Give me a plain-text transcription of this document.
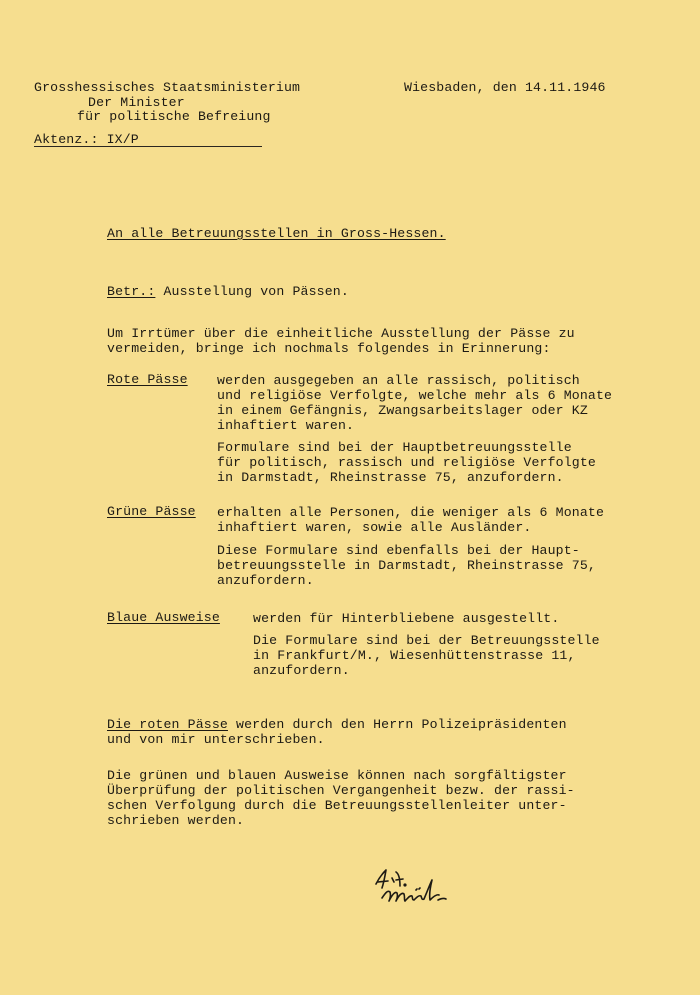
Grosshessisches Staatsministerium
Der Minister
für politische Befreiung
Wiesbaden, den 14.11.1946
Aktenz.: IX/P
An alle Betreuungsstellen in Gross-Hessen.
Betr.: Ausstellung von Pässen.
Um Irrtümer über die einheitliche Ausstellung der Pässe zu
vermeiden, bringe ich nochmals folgendes in Erinnerung:
Rote Pässe werden ausgegeben an alle rassisch, politisch
und religiöse Verfolgte, welche mehr als 6 Monate
in einem Gefängnis, Zwangsarbeitslager oder KZ
inhaftiert waren.
Formulare sind bei der Hauptbetreuungsstelle
für politisch, rassisch und religiöse Verfolgte
in Darmstadt, Rheinstrasse 75, anzufordern.
Grüne Pässe erhalten alle Personen, die weniger als 6 Monate
inhaftiert waren, sowie alle Ausländer.
Diese Formulare sind ebenfalls bei der Haupt-
betreuungsstelle in Darmstadt, Rheinstrasse 75,
anzufordern.
Blaue Ausweise	werden für Hinterbliebene ausgestellt.
Die Formulare sind bei der Betreuungsstelle
in Frankfurt/M., Wiesenhüttenstrasse 11,
anzufordern.
Die roten Pässe werden durch den Herrn Polizeipräsidenten
und von mir unterschrieben.
Die grünen und blauen Ausweise können nach sorgfältigster
Überprüfung der politischen Vergangenheit bezw. der rassi-
schen Verfolgung durch die Betreuungsstellenleiter unter-
schrieben werden.
